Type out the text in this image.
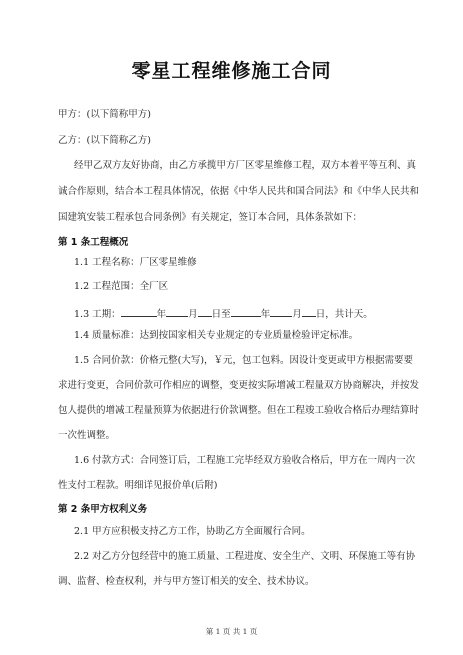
零星工程维修施工合同
甲方：(以下简称甲方)
乙方：(以下简称乙方)
经甲乙双方友好协商，由乙方承揽甲方厂区零星维修工程，双方本着平等互利、真
诚合作原则，结合本工程具体情况，依据《中华人民共和国合同法》和《中华人民共和
国建筑安装工程承包合同条例》有关规定，签订本合同，具体条款如下：
第 1 条工程概况
1.1 工程名称：厂区零星维修
1.2 工程范围：全厂区
1.3 工期：	年 月 日至	年 月 日，共计天。
1.4 质量标准：达到按国家相关专业规定的专业质量检验评定标准。
1.5 合同价款：价格元整(大写)，￥元，包工包料。因设计变更或甲方根据需要要
求进行变更，合同价款可作相应的调整，变更按实际增减工程量双方协商解决，并按发
包人提供的增减工程量预算为依据进行价款调整。但在工程竣工验收合格后办理结算时
一次性调整。
1.6 付款方式：合同签订后，工程施工完毕经双方验收合格后，甲方在一周内一次
性支付工程款。明细详见报价单(后附)
第 2 条甲方权利义务
2.1 甲方应积极支持乙方工作，协助乙方全面履行合同。
2.2 对乙方分包经营中的施工质量、工程进度、安全生产、文明、环保施工等有协
调、监督、检查权利，并与甲方签订相关的安全、技术协议。
第 1 页 共 1 页
